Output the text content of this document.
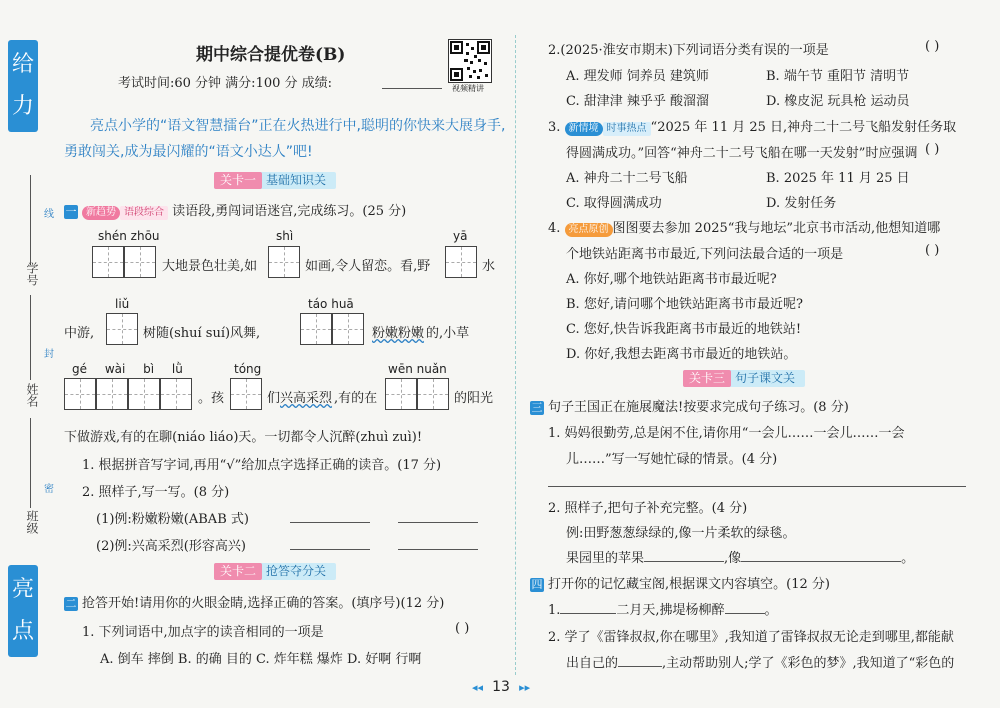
给
力
亮
点
学号
姓名
班级
线
封
密
期中综合提优卷(B)
考试时间:60 分钟 满分:100 分 成绩:	视频精讲
亮点小学的“语文智慧擂台”正在火热进行中,聪明的你快来大展身手,
勇敢闯关,成为最闪耀的“语文小达人”吧!
关卡一 基础知识关
一 新趋势 语段综合 读语段,勇闯词语迷宫,完成练习。(25 分)
shén zhōu	shì	yā
大地景色壮美,如	如画,令人留恋。看,野	水
liǔ	táo huā
中游,	树随(shuí suí)风舞,	粉嫩粉嫩 的,小草
gé wài bì lǜ	tóng	wēn nuǎn
。孩	们 兴高采烈 ,有的在	的阳光
下做游戏,有的在聊(niáo liáo)天。一切都令人沉醉(zhuì zuì)!
1. 根据拼音写字词,再用“√”给加点字选择正确的读音。(17 分)
2. 照样子,写一写。(8 分)
(1)例:粉嫩粉嫩(ABAB 式)
(2)例:兴高采烈(形容高兴)
关卡二 抢答夺分关
二 抢答开始!请用你的火眼金睛,选择正确的答案。(填序号)(12 分)
1. 下列词语中,加点字的读音相同的一项是	( )
A. 倒车 摔倒 B. 的确 目的 C. 炸年糕 爆炸 D. 好啊 行啊
2.(2025·淮安市期末)下列词语分类有误的一项是	( )
A. 理发师 饲养员 建筑师	B. 端午节 重阳节 清明节
C. 甜津津 辣乎乎 酸溜溜	D. 橡皮泥 玩具枪 运动员
3. 新情境 时事热点 “2025 年 11 月 25 日,神舟二十二号飞船发射任务取
得圆满成功。”回答“神舟二十二号飞船在哪一天发射”时应强调 ( )
A. 神舟二十二号飞船	B. 2025 年 11 月 25 日
C. 取得圆满成功	D. 发射任务
4. 亮点原创 图图要去参加 2025“我与地坛”北京书市活动,他想知道哪
个地铁站距离书市最近,下列问法最合适的一项是	( )
A. 你好,哪个地铁站距离书市最近呢?
B. 您好,请问哪个地铁站距离书市最近呢?
C. 您好,快告诉我距离书市最近的地铁站!
D. 你好,我想去距离书市最近的地铁站。
关卡三 句子课文关
三 句子王国正在施展魔法!按要求完成句子练习。(8 分)
1. 妈妈很勤劳,总是闲不住,请你用“一会儿……一会儿……一会
儿……”写一写她忙碌的情景。(4 分)
2. 照样子,把句子补充完整。(4 分)
例:田野葱葱绿绿的,像一片柔软的绿毯。
果园里的苹果	,像	。
四 打开你的记忆藏宝阁,根据课文内容填空。(12 分)
1.	二月天,拂堤杨柳醉	。
2. 学了《雷锋叔叔,你在哪里》,我知道了雷锋叔叔无论走到哪里,都能献
出自己的	,主动帮助别人;学了《彩色的梦》,我知道了“彩色的
◂◂ 13 ▸▸
